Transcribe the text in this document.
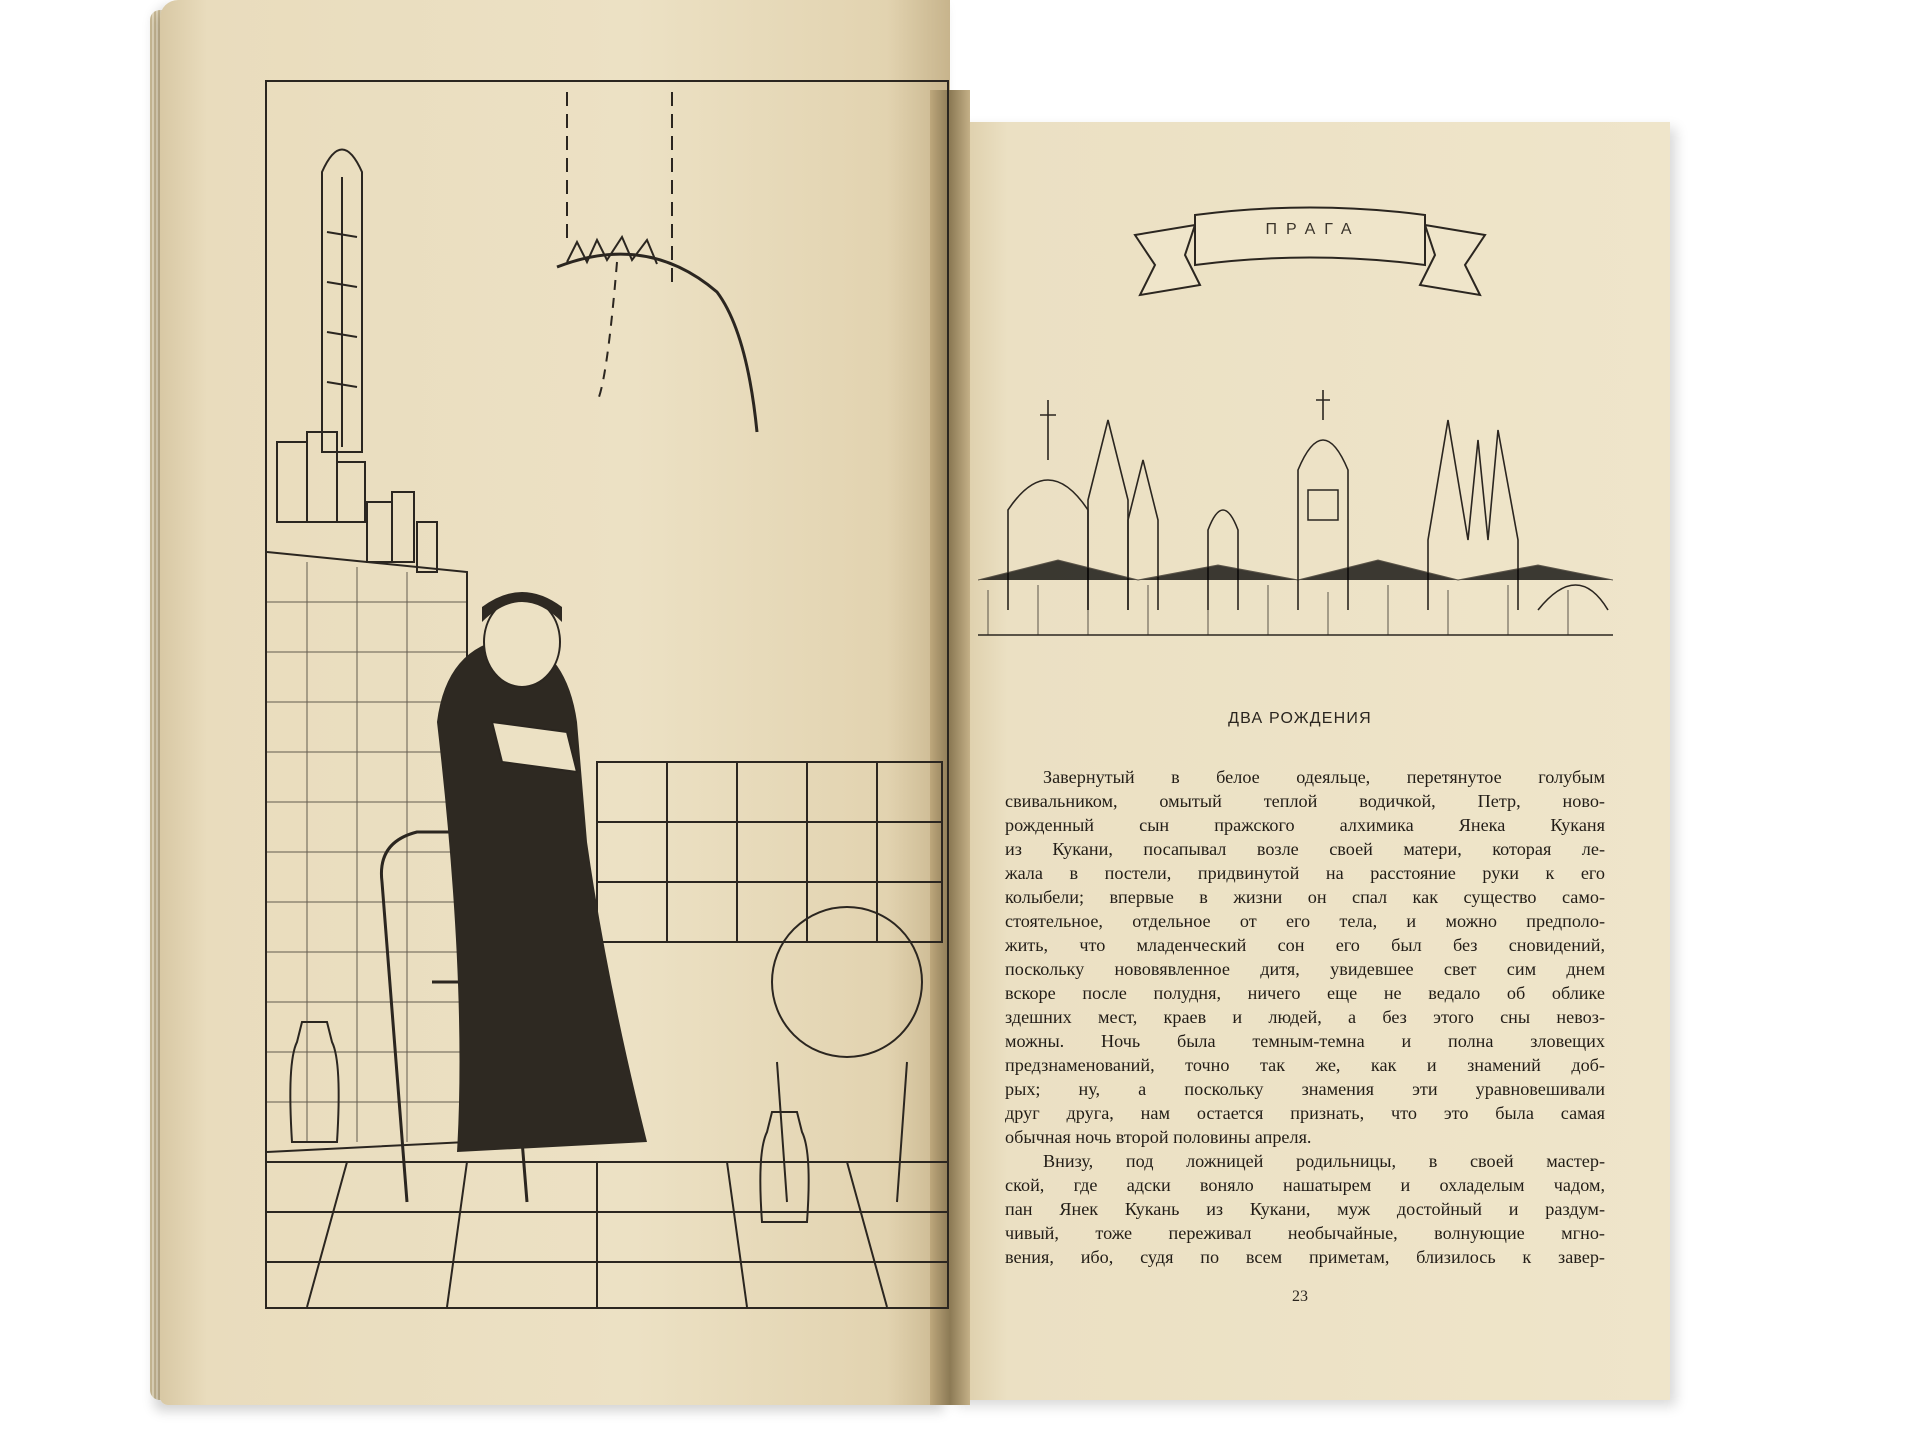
ПРАГА
ДВА РОЖДЕНИЯ
Завернутый в белое одеяльце, перетянутое голубым
свивальником, омытый теплой водичкой, Петр, ново-
рожденный сын пражского алхимика Янека Куканя
из Кукани, посапывал возле своей матери, которая ле-
жала в постели, придвинутой на расстояние руки к его
колыбели; впервые в жизни он спал как существо само-
стоятельное, отдельное от его тела, и можно предполо-
жить, что младенческий сон его был без сновидений,
поскольку нововявленное дитя, увидевшее свет сим днем
вскоре после полудня, ничего еще не ведало об облике
здешних мест, краев и людей, а без этого сны невоз-
можны. Ночь была темным-темна и полна зловещих
предзнаменований, точно так же, как и знамений доб-
рых; ну, а поскольку знамения эти уравновешивали
друг друга, нам остается признать, что это была самая
обычная ночь второй половины апреля.
Внизу, под ложницей родильницы, в своей мастер-
ской, где адски воняло нашатырем и охладелым чадом,
пан Янек Кукань из Кукани, муж достойный и раздум-
чивый, тоже переживал необычайные, волнующие мгно-
вения, ибо, судя по всем приметам, близилось к завер-
23
